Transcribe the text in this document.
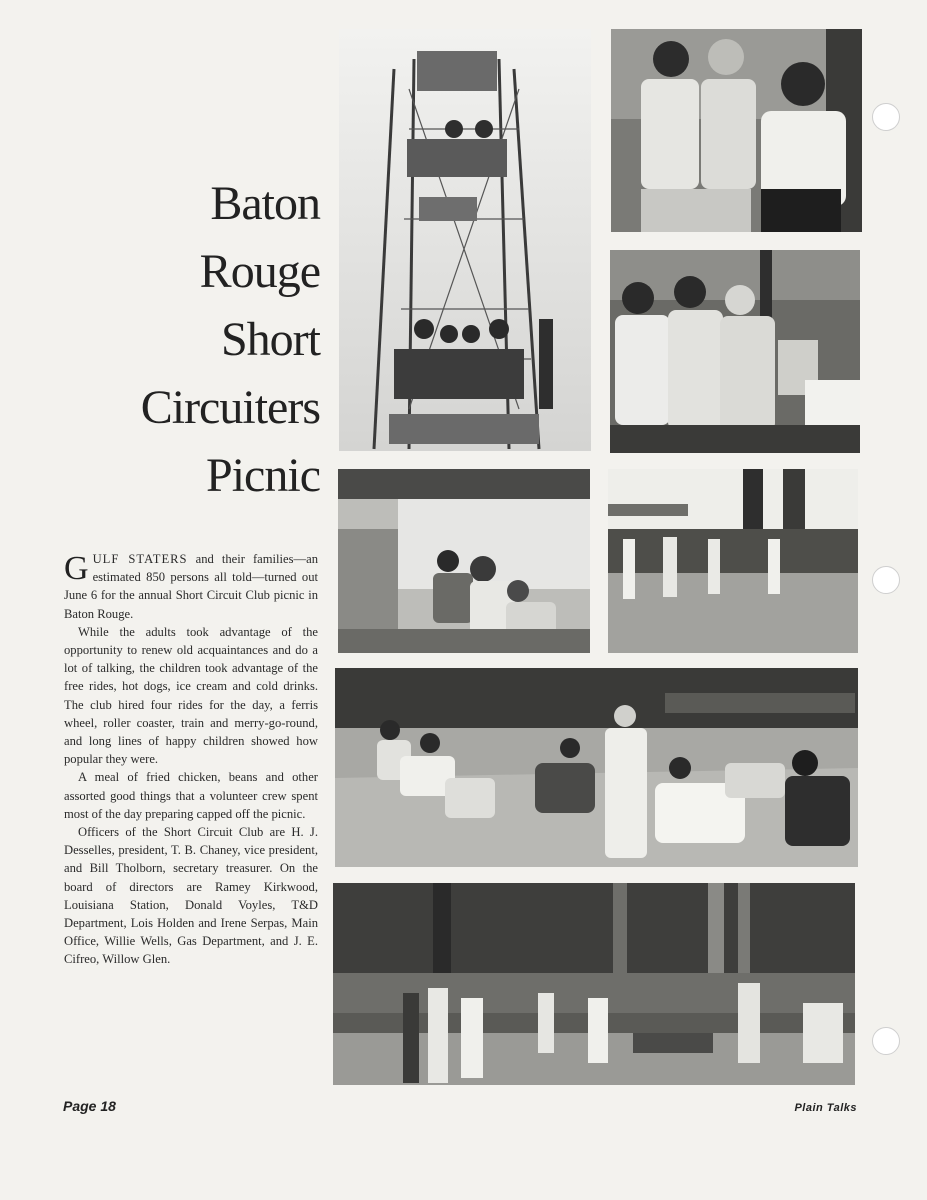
Baton
Rouge
Short
Circuiters
Picnic

GULF STATERS and their families—an estimated 850 persons all told—turned out June 6 for the annual Short Circuit Club picnic in Baton Rouge.

While the adults took advantage of the opportunity to renew old acquaintances and do a lot of talking, the children took advantage of the free rides, hot dogs, ice cream and cold drinks. The club hired four rides for the day, a ferris wheel, roller coaster, train and merry-go-round, and long lines of happy children showed how popular they were.

A meal of fried chicken, beans and other assorted good things that a volunteer crew spent most of the day preparing capped off the picnic.

Officers of the Short Circuit Club are H. J. Desselles, president, T. B. Chaney, vice president, and Bill Tholborn, secretary treasurer. On the board of directors are Ramey Kirkwood, Louisiana Station, Donald Voyles, T&D Department, Lois Holden and Irene Serpas, Main Office, Willie Wells, Gas Department, and J. E. Cifreo, Willow Glen.

Page 18	Plain Talks
